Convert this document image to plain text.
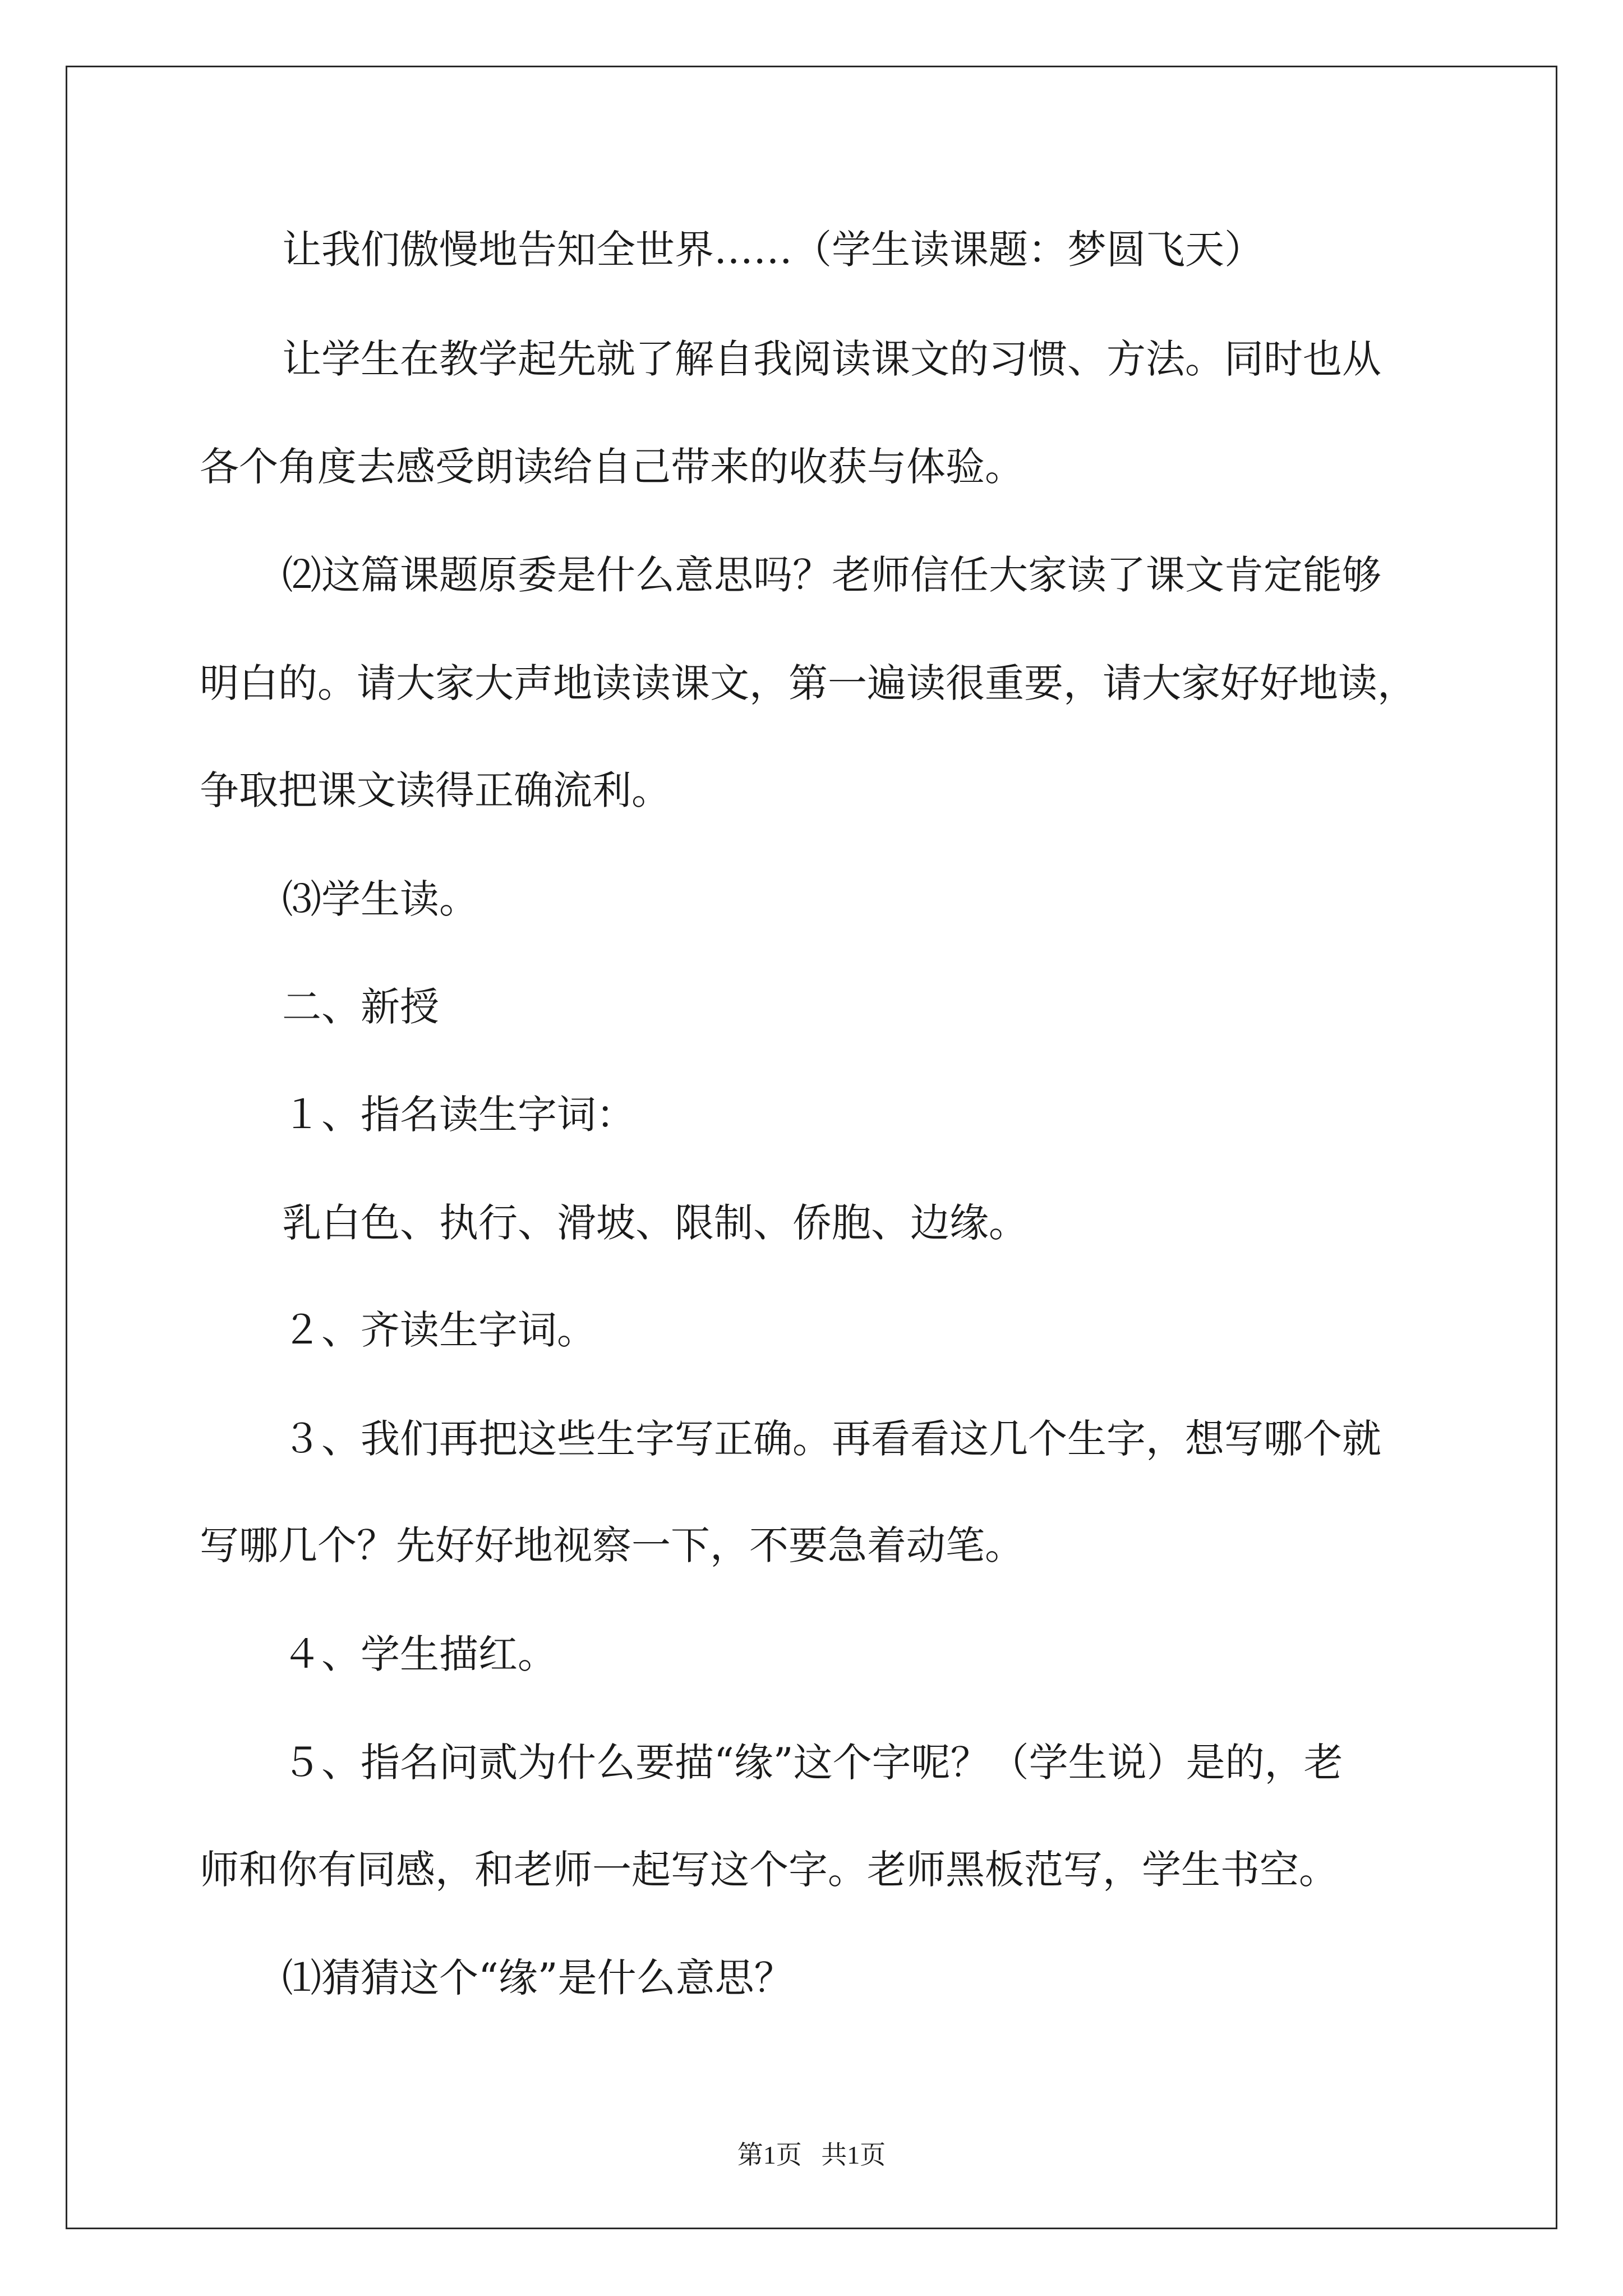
让我们傲慢地告知全世界……（学生读课题：梦圆飞天）
让学生在教学起先就了解自我阅读课文的习惯、方法。同时也从
各个角度去感受朗读给自己带来的收获与体验。
⑵这篇课题原委是什么意思吗？老师信任大家读了课文肯定能够
明白的。请大家大声地读读课文，第一遍读很重要，请大家好好地读，
争取把课文读得正确流利。
⑶学生读。
二、新授
１、指名读生字词：
乳白色、执行、滑坡、限制、侨胞、边缘。
２、齐读生字词。
３、我们再把这些生字写正确。再看看这几个生字，想写哪个就
写哪几个？先好好地视察一下，不要急着动笔。
４、学生描红。
５、指名问贰为什么要描“缘”这个字呢？（学生说）是的，老
师和你有同感，和老师一起写这个字。老师黑板范写，学生书空。
⑴猜猜这个“缘”是什么意思？
第1页 共1页
